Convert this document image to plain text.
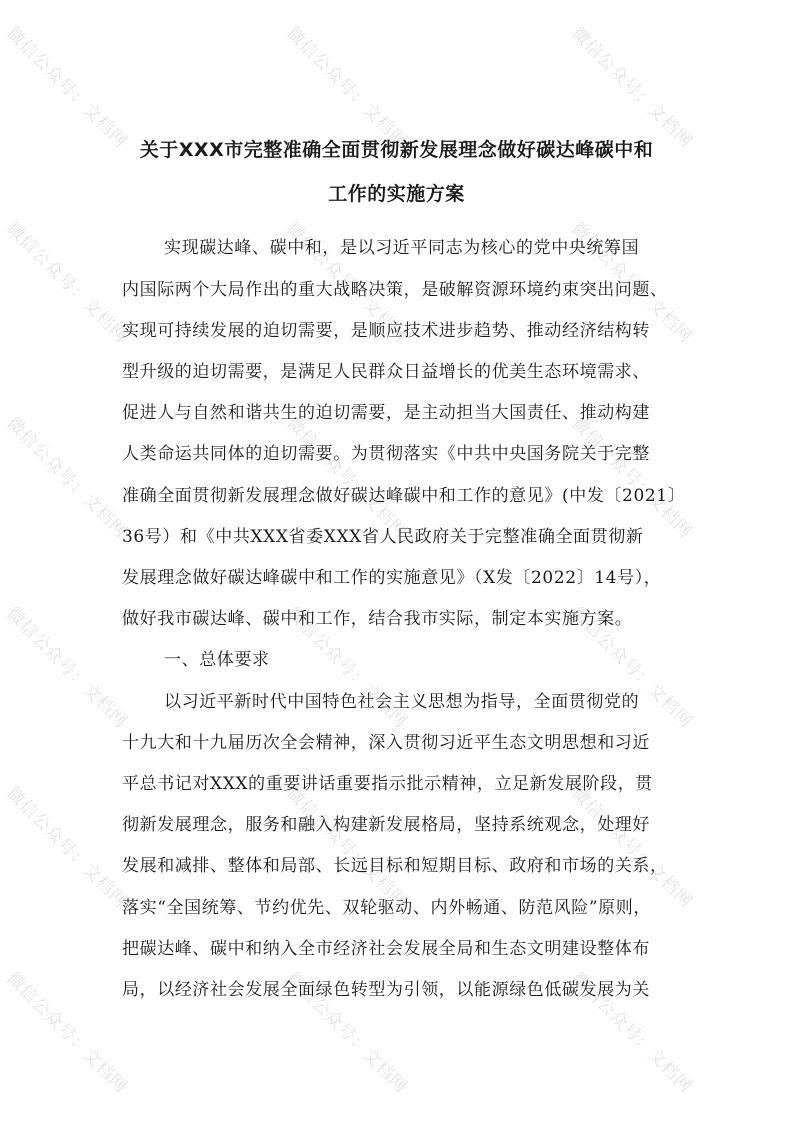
微信公众号：文档网	微信公众号：文档网	微信公众号：文档网
微信公众号：文档网	微信公众号：文档网	微信公众号：文档网
微信公众号：文档网	微信公众号：文档网	微信公众号：文档网
微信公众号：文档网	微信公众号：文档网	微信公众号：文档网
微信公众号：文档网	微信公众号：文档网	微信公众号：文档网
微信公众号：文档网	微信公众号：文档网	微信公众号：文档网
关于XXX市完整准确全面贯彻新发展理念做好碳达峰碳中和
工作的实施方案
实现碳达峰、碳中和，是以习近平同志为核心的党中央统筹国
内国际两个大局作出的重大战略决策，是破解资源环境约束突出问题、
实现可持续发展的迫切需要，是顺应技术进步趋势、推动经济结构转
型升级的迫切需要，是满足人民群众日益增长的优美生态环境需求、
促进人与自然和谐共生的迫切需要，是主动担当大国责任、推动构建
人类命运共同体的迫切需要。为贯彻落实《中共中央国务院关于完整
准确全面贯彻新发展理念做好碳达峰碳中和工作的意见》(中发〔2021〕
36号）和《中共XXX省委XXX省人民政府关于完整准确全面贯彻新
发展理念做好碳达峰碳中和工作的实施意见》（X发〔2022〕14号），
做好我市碳达峰、碳中和工作，结合我市实际，制定本实施方案。
一、总体要求
以习近平新时代中国特色社会主义思想为指导，全面贯彻党的
十九大和十九届历次全会精神，深入贯彻习近平生态文明思想和习近
平总书记对XXX的重要讲话重要指示批示精神，立足新发展阶段，贯
彻新发展理念，服务和融入构建新发展格局，坚持系统观念，处理好
发展和减排、整体和局部、长远目标和短期目标、政府和市场的关系，
落实“全国统筹、节约优先、双轮驱动、内外畅通、防范风险”原则，
把碳达峰、碳中和纳入全市经济社会发展全局和生态文明建设整体布
局，以经济社会发展全面绿色转型为引领，以能源绿色低碳发展为关
